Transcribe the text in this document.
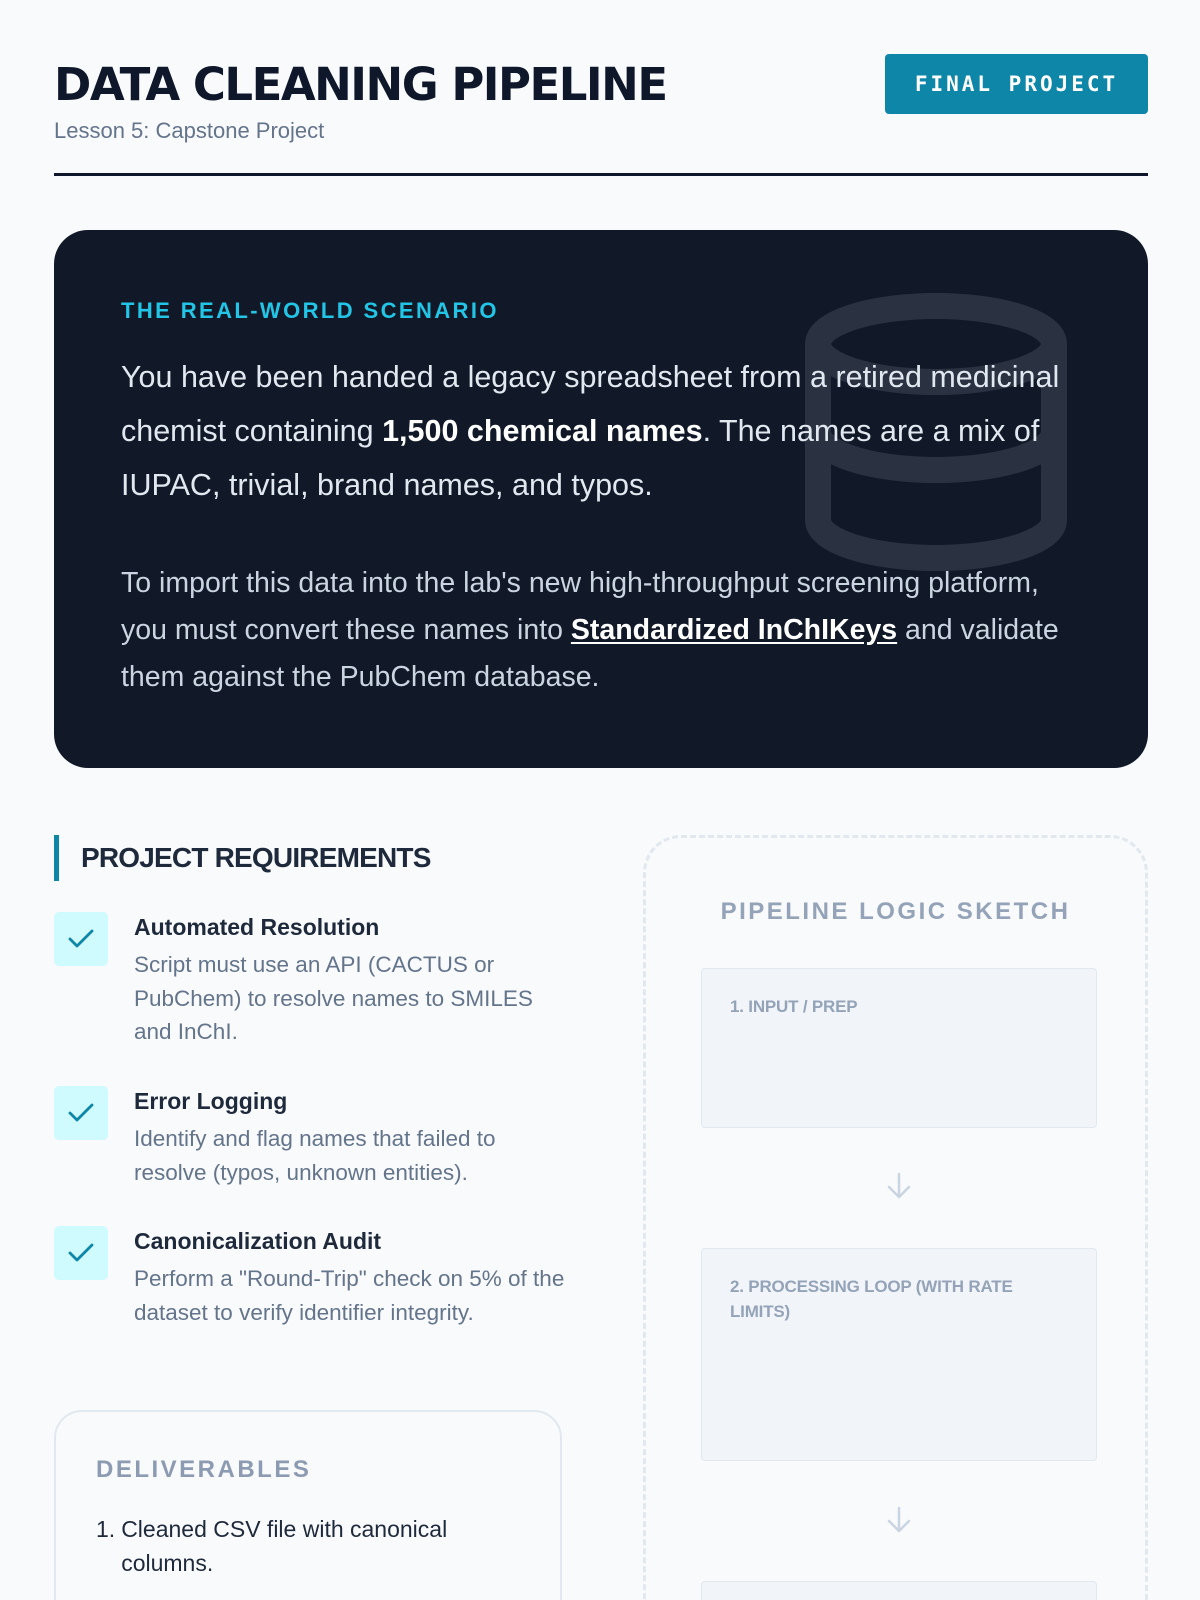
DATA CLEANING PIPELINE
Lesson 5: Capstone Project
FINAL PROJECT
THE REAL-WORLD SCENARIO

You have been handed a legacy spreadsheet from a retired medicinal chemist containing 1,500 chemical names. The names are a mix of IUPAC, trivial, brand names, and typos.

To import this data into the lab's new high-throughput screening platform, you must convert these names into Standardized InChIKeys and validate them against the PubChem database.

PROJECT REQUIREMENTS
Automated Resolution
Script must use an API (CACTUS or PubChem) to resolve names to SMILES and InChI.
Error Logging
Identify and flag names that failed to resolve (typos, unknown entities).
Canonicalization Audit
Perform a "Round-Trip" check on 5% of the dataset to verify identifier integrity.
DELIVERABLES
1. Cleaned CSV file with canonical columns.
PIPELINE LOGIC SKETCH
1. INPUT / PREP
2. PROCESSING LOOP (WITH RATE LIMITS)
